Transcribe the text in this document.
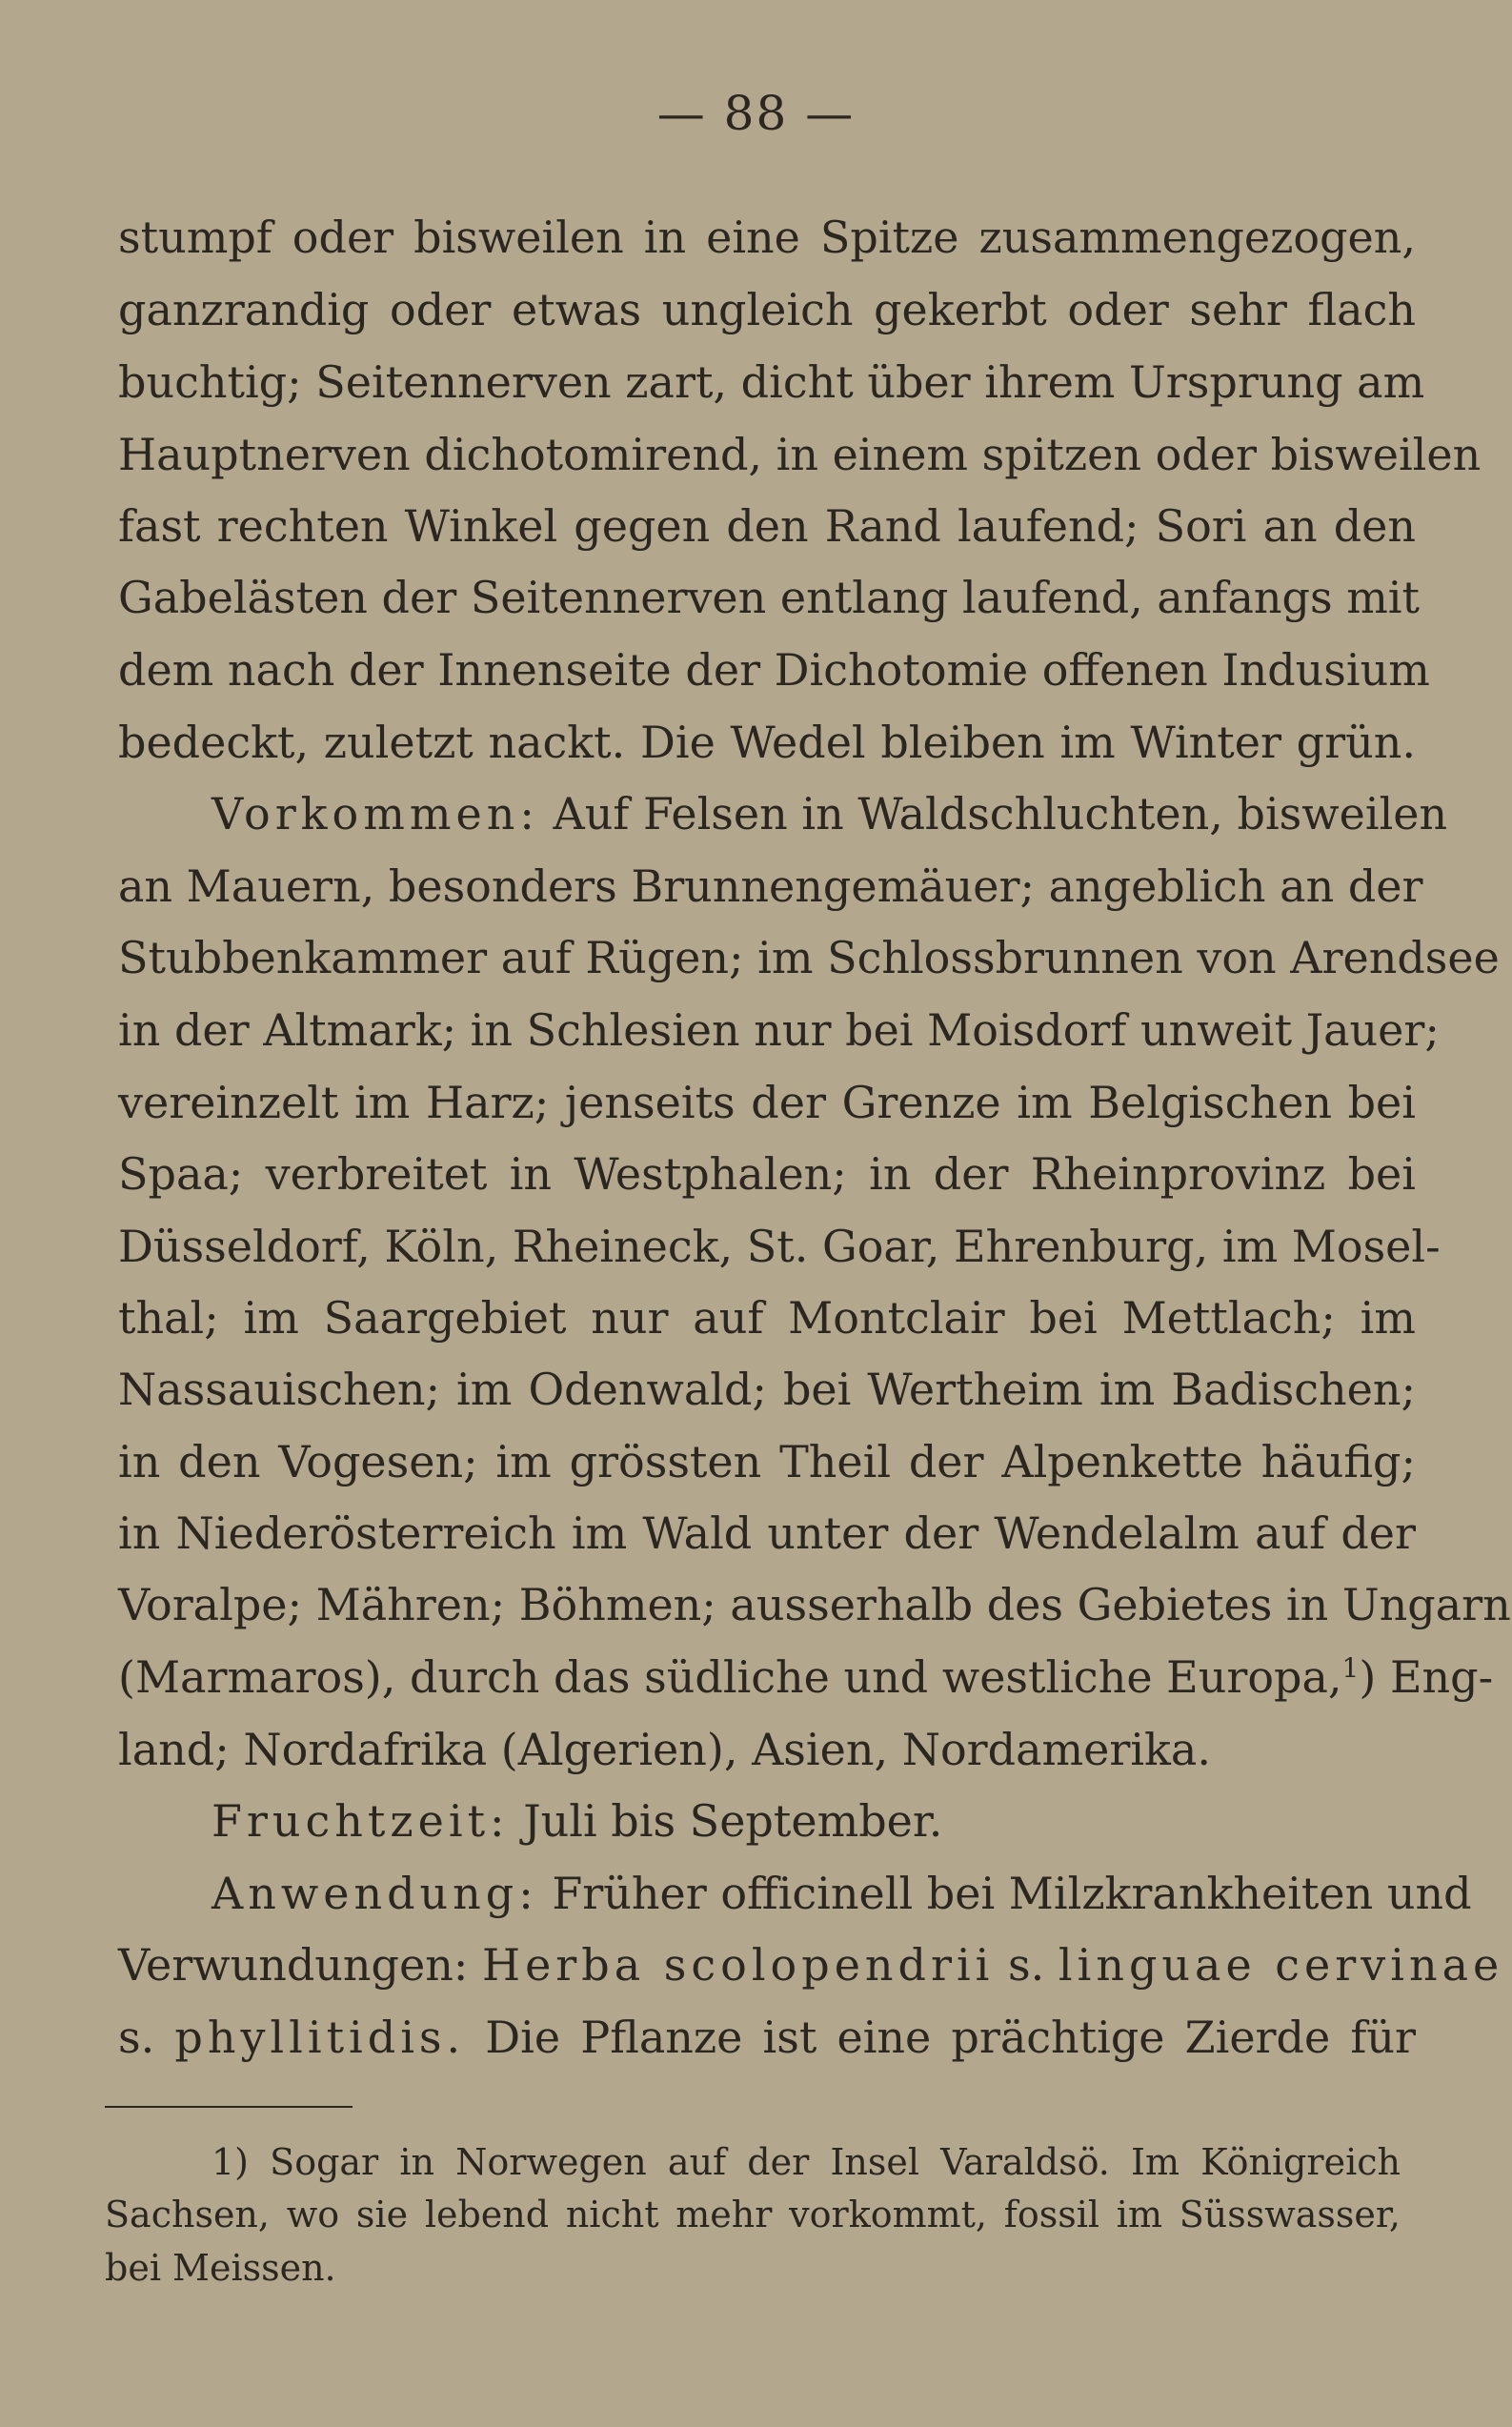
— 88 —
stumpf oder bisweilen in eine Spitze zusammengezogen,
ganzrandig oder etwas ungleich gekerbt oder sehr flach
buchtig; Seitennerven zart, dicht über ihrem Ursprung am
Hauptnerven dichotomirend, in einem spitzen oder bisweilen
fast rechten Winkel gegen den Rand laufend; Sori an den
Gabelästen der Seitennerven entlang laufend, anfangs mit
dem nach der Innenseite der Dichotomie offenen Indusium
bedeckt, zuletzt nackt. Die Wedel bleiben im Winter grün.
Vorkommen: Auf Felsen in Waldschluchten, bisweilen
an Mauern, besonders Brunnengemäuer; angeblich an der
Stubbenkammer auf Rügen; im Schlossbrunnen von Arendsee
in der Altmark; in Schlesien nur bei Moisdorf unweit Jauer;
vereinzelt im Harz; jenseits der Grenze im Belgischen bei
Spaa; verbreitet in Westphalen; in der Rheinprovinz bei
Düsseldorf, Köln, Rheineck, St. Goar, Ehrenburg, im Mosel-
thal; im Saargebiet nur auf Montclair bei Mettlach; im
Nassauischen; im Odenwald; bei Wertheim im Badischen;
in den Vogesen; im grössten Theil der Alpenkette häufig;
in Niederösterreich im Wald unter der Wendelalm auf der
Voralpe; Mähren; Böhmen; ausserhalb des Gebietes in Ungarn
(Marmaros), durch das südliche und westliche Europa,$^1$) Eng-
land; Nordafrika (Algerien), Asien, Nordamerika.
Fruchtzeit: Juli bis September.
Anwendung: Früher officinell bei Milzkrankheiten und
Verwundungen: Herba scolopendrii s. linguae cervinae
s. phyllitidis. Die Pflanze ist eine prächtige Zierde für
1) Sogar in Norwegen auf der Insel Varaldsö. Im Königreich
Sachsen, wo sie lebend nicht mehr vorkommt, fossil im Süsswasser,
bei Meissen.
